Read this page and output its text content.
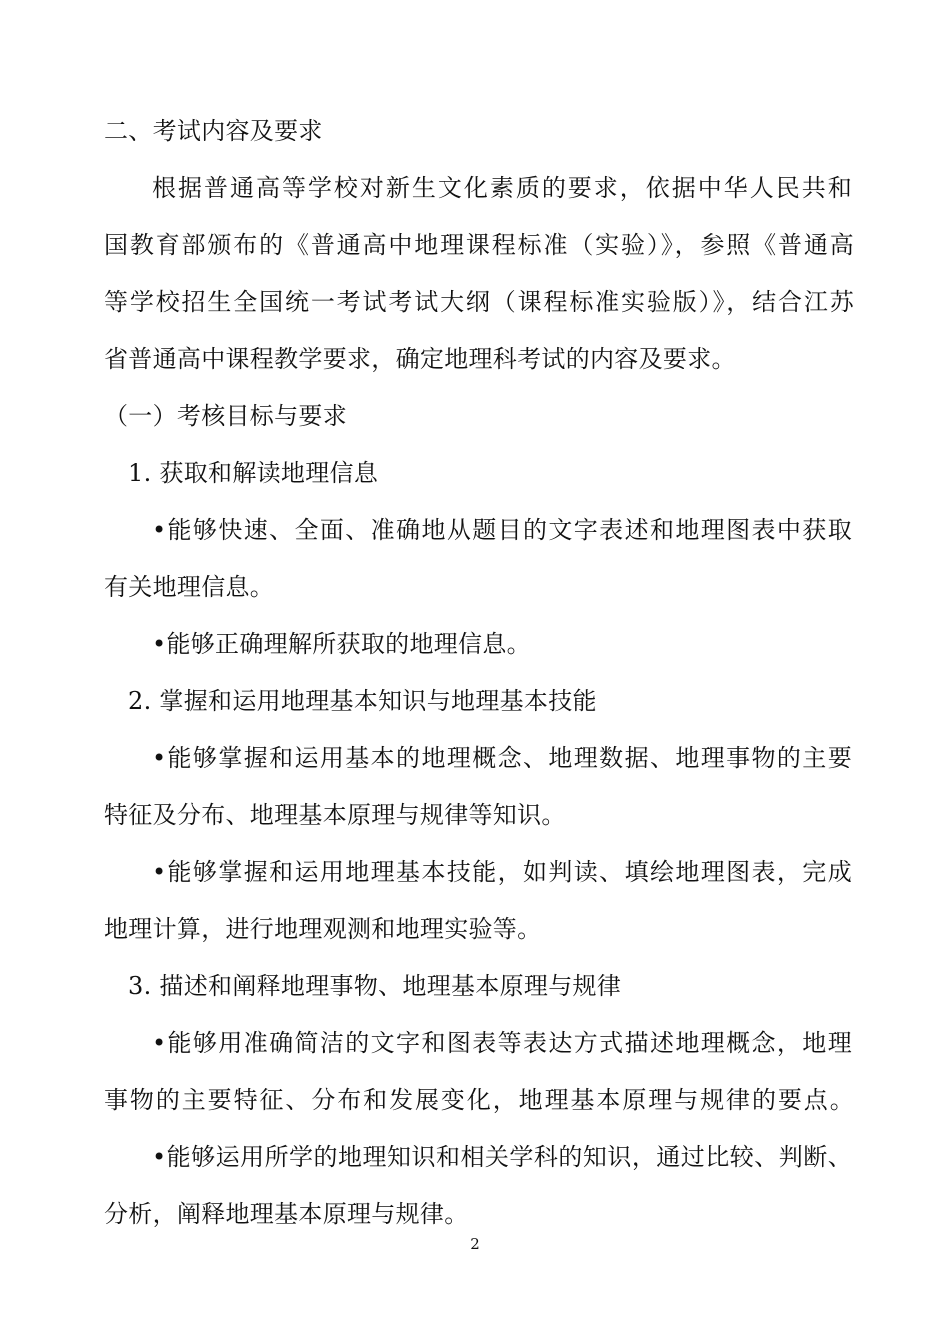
二、考试内容及要求
根据普通高等学校对新生文化素质的要求，依据中华人民共和
国教育部颁布的《普通高中地理课程标准（实验）》，参照《普通高
等学校招生全国统一考试考试大纲（课程标准实验版）》，结合江苏
省普通高中课程教学要求，确定地理科考试的内容及要求。
（一）考核目标与要求
1. 获取和解读地理信息
•能够快速、全面、准确地从题目的文字表述和地理图表中获取
有关地理信息。
•能够正确理解所获取的地理信息。
2. 掌握和运用地理基本知识与地理基本技能
•能够掌握和运用基本的地理概念、地理数据、地理事物的主要
特征及分布、地理基本原理与规律等知识。
•能够掌握和运用地理基本技能，如判读、填绘地理图表，完成
地理计算，进行地理观测和地理实验等。
3. 描述和阐释地理事物、地理基本原理与规律
•能够用准确简洁的文字和图表等表达方式描述地理概念，地理
事物的主要特征、分布和发展变化，地理基本原理与规律的要点。
•能够运用所学的地理知识和相关学科的知识，通过比较、判断、
分析，阐释地理基本原理与规律。
2
